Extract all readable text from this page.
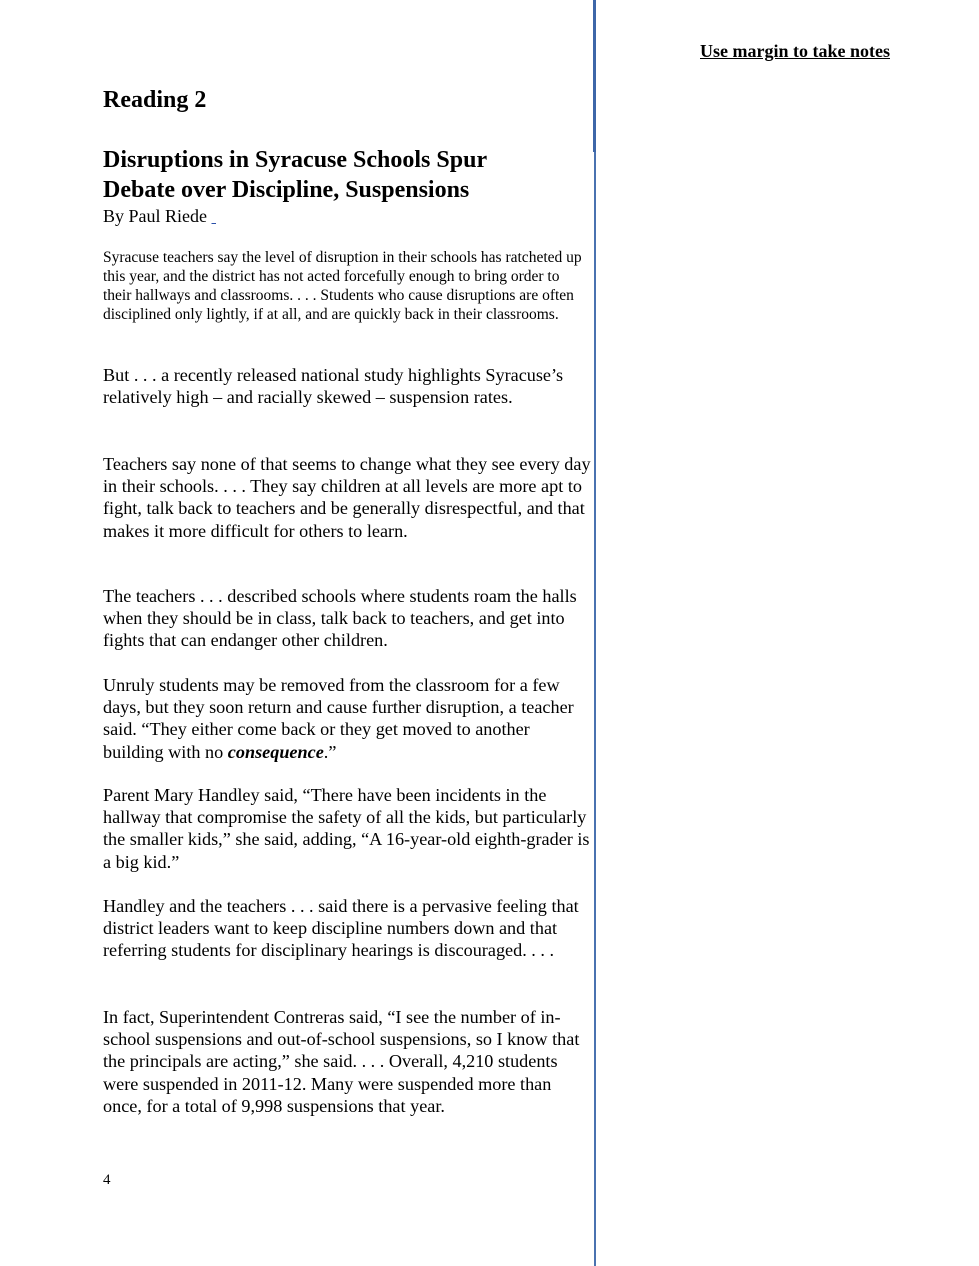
Use margin to take notes

Reading 2
Disruptions in Syracuse Schools Spur
Debate over Discipline, Suspensions

By Paul Riede

Syracuse teachers say the level of disruption in their schools has ratcheted up this year, and the district has not acted forcefully enough to bring order to their hallways and classrooms. . . . Students who cause disruptions are often disciplined only lightly, if at all, and are quickly back in their classrooms.

But . . . a recently released national study highlights Syracuse’s relatively high – and racially skewed – suspension rates.

Teachers say none of that seems to change what they see every day in their schools. . . . They say children at all levels are more apt to fight, talk back to teachers and be generally disrespectful, and that makes it more difficult for others to learn.

The teachers . . . described schools where students roam the halls when they should be in class, talk back to teachers, and get into fights that can endanger other children.

Unruly students may be removed from the classroom for a few days, but they soon return and cause further disruption, a teacher said. “They either come back or they get moved to another building with no consequence.”

Parent Mary Handley said, “There have been incidents in the hallway that compromise the safety of all the kids, but particularly the smaller kids,” she said, adding, “A 16-year-old eighth-grader is a big kid.”

Handley and the teachers . . . said there is a pervasive feeling that district leaders want to keep discipline numbers down and that referring students for disciplinary hearings is discouraged. . . .

In fact, Superintendent Contreras said, “I see the number of in-school suspensions and out-of-school suspensions, so I know that the principals are acting,” she said. . . . Overall, 4,210 students were suspended in 2011-12. Many were suspended more than once, for a total of 9,998 suspensions that year.

4
